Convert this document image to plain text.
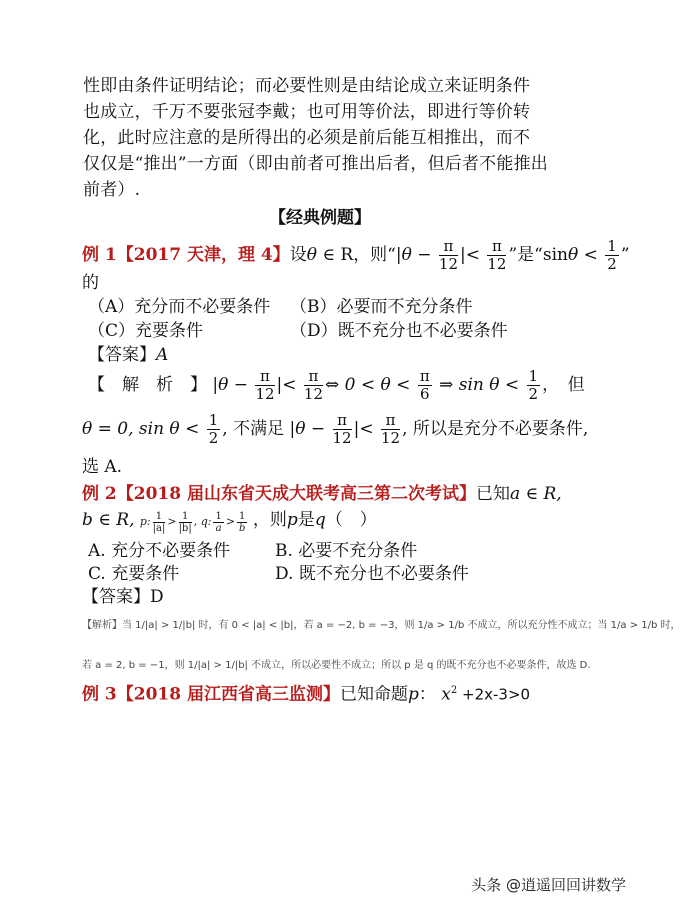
性即由条件证明结论；而必要性则是由结论成立来证明条件
也成立，千万不要张冠李戴；也可用等价法，即进行等价转
化，此时应注意的是所得出的必须是前后能互相推出，而不
仅仅是“推出”一方面（即由前者可推出后者，但后者不能推出
前者）.
【经典例题】
例 1【2017 天津，理 4】设θ ∈ R，则“$|\theta - \frac{\pi}{12}$ |< $\frac{\pi}{12}$ ”是“$\sin\theta < \frac{1}{2}$ ”
的
（A）充分而不必要条件 （B）必要而不充分条件
（C）充要条件	（D）既不充分也不必要条件
【答案】A
【　解　析　】 $|\theta - \frac{\pi}{12}$ |< $\frac{\pi}{12}$ ⇔ $0 < \theta < \frac{\pi}{6}$ ⇒ $\sin \theta < \frac{1}{2}$ ，　但
θ = 0, $\sin \theta < \frac{1}{2}$ , 不满足 $|\theta - \frac{\pi}{12}$ |< $\frac{\pi}{12}$ , 所以是充分不必要条件,
选 A.
例 2【2018 届山东省天成大联考高三第二次考试】已知a ∈ R,
b ∈ R, p: $\frac{1}{|a|} > \frac{1}{|b|}$ , q: $\frac{1}{a} > \frac{1}{b}$ ，则p是q（　）
A. 充分不必要条件	B. 必要不充分条件
C. 充要条件	D. 既不充分也不必要条件
【答案】D
【解析】当 1/|a| > 1/|b| 时，有 0 < |a| < |b|，若 a = −2, b = −3，则 1/a > 1/b 不成立，所以充分性不成立；当 1/a > 1/b 时，
若 a = 2, b = −1，则 1/|a| > 1/|b| 不成立，所以必要性不成立；所以 p 是 q 的既不充分也不必要条件，故选 D.
例 3【2018 届江西省高三监测】已知命题p： $x^2 +2x-3>0$
头条 @逍遥回回讲数学
